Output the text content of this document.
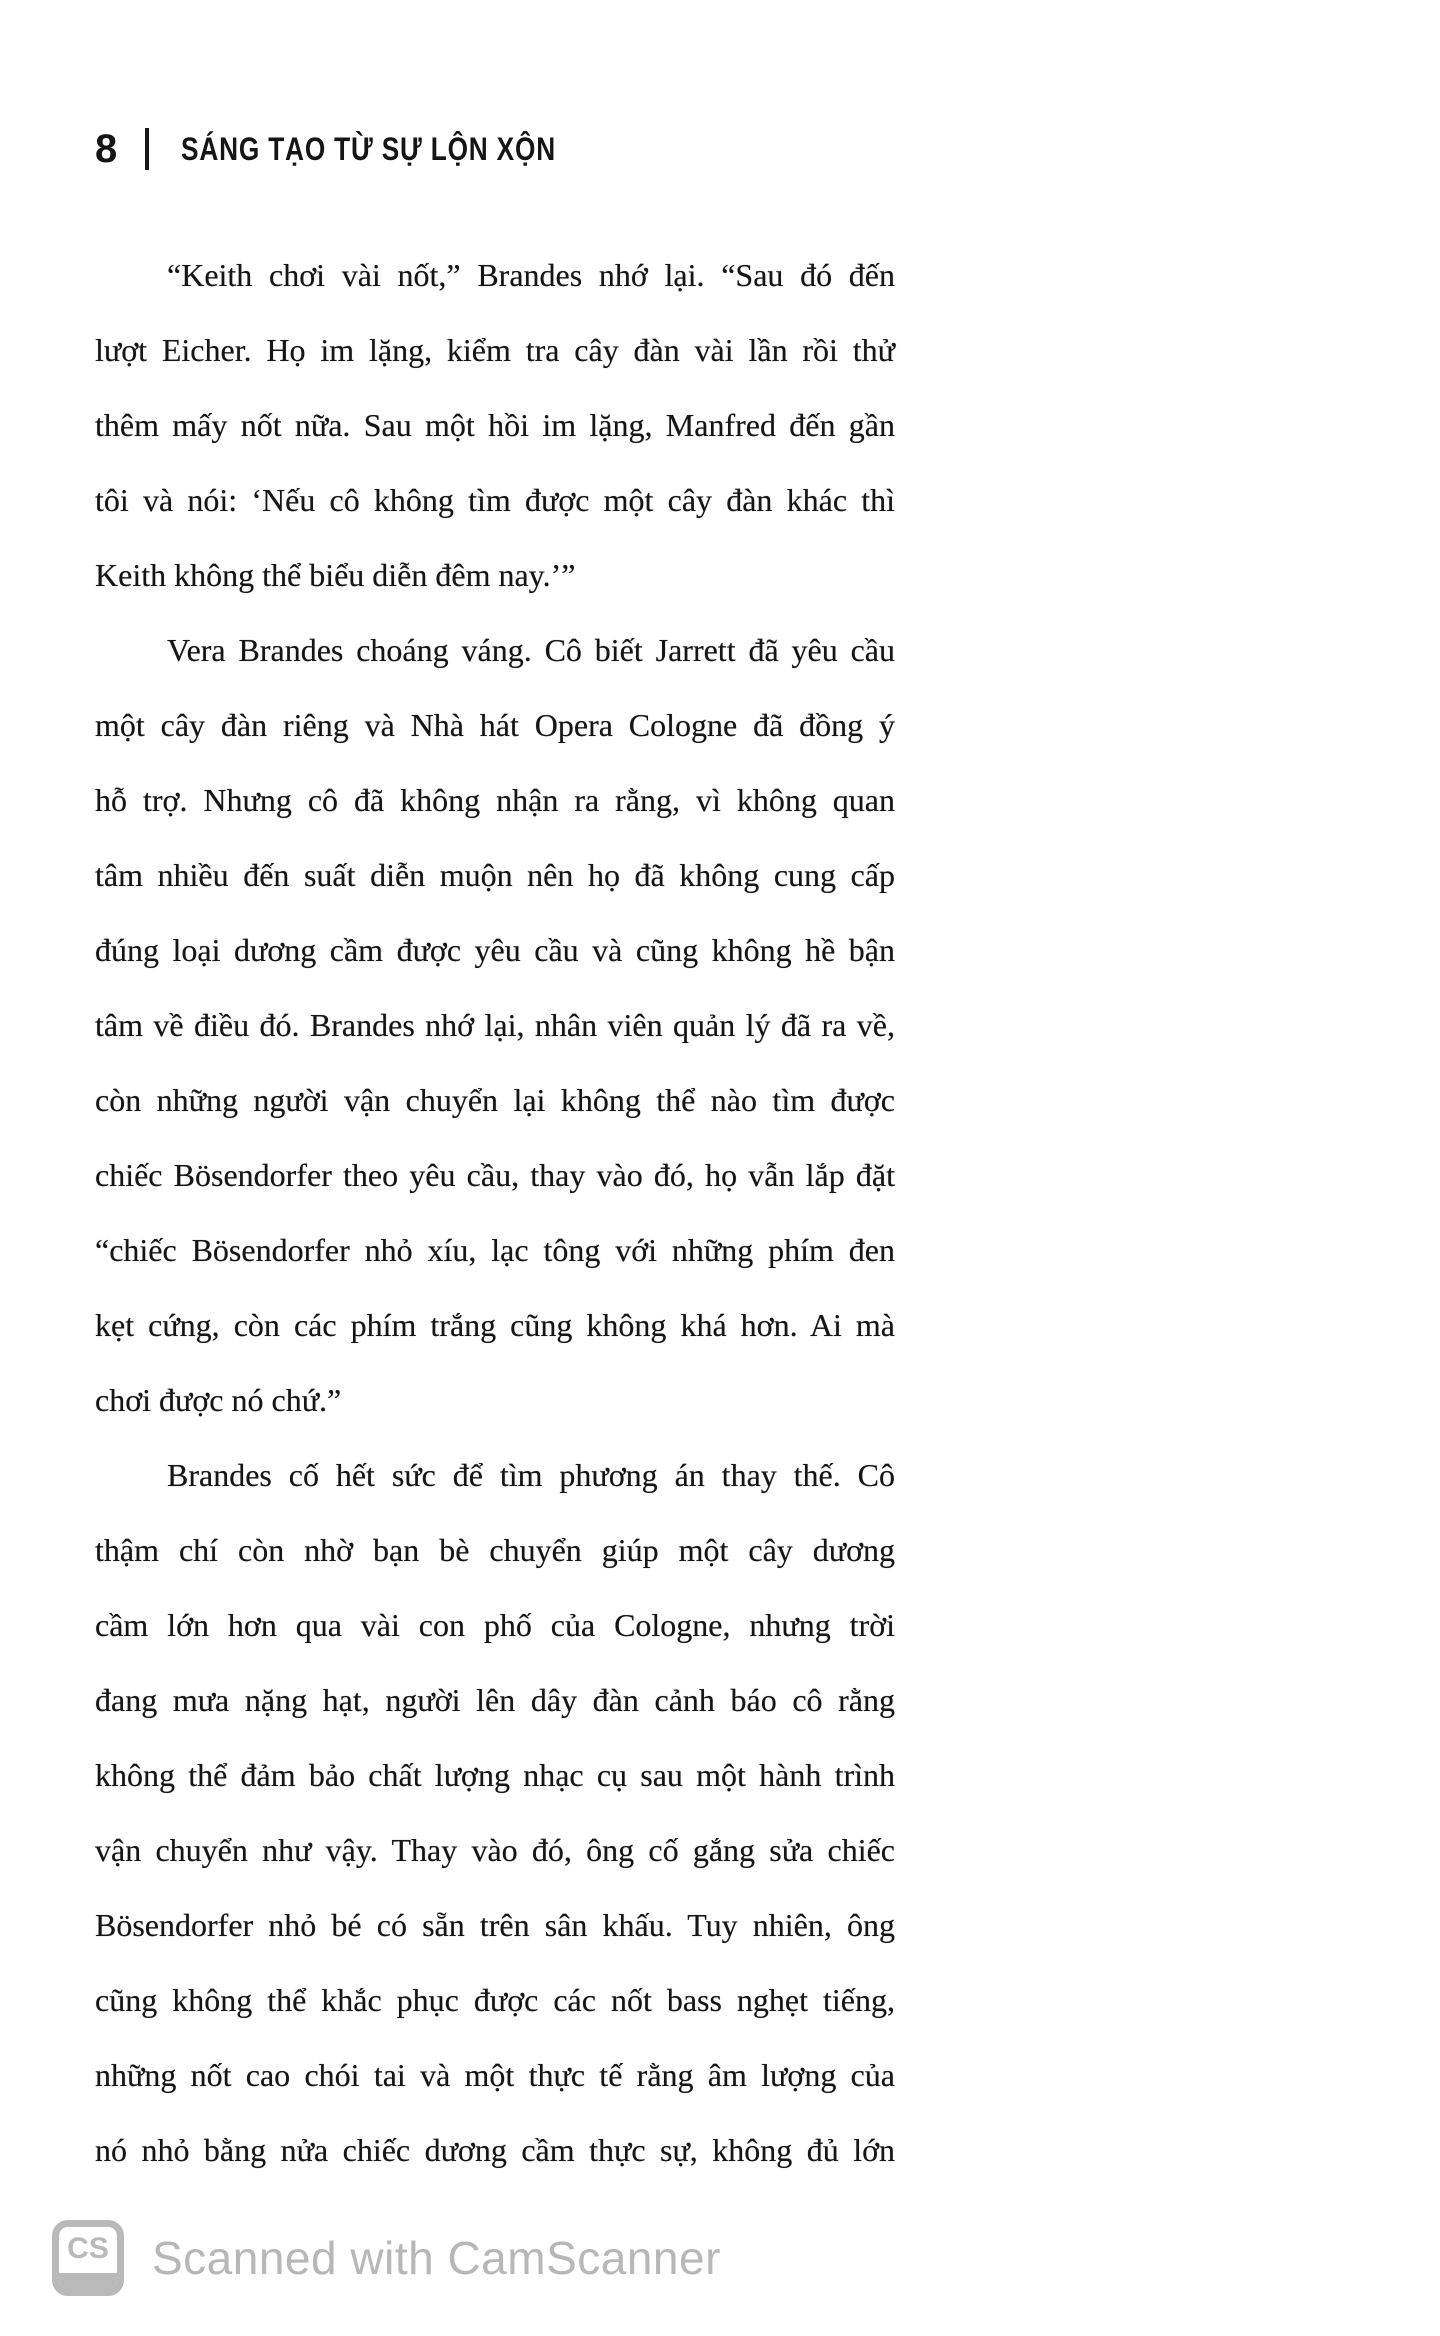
8 SÁNG TẠO TỪ SỰ LỘN XỘN
“Keith chơi vài nốt,” Brandes nhớ lại. “Sau đó đến
lượt Eicher. Họ im lặng, kiểm tra cây đàn vài lần rồi thử
thêm mấy nốt nữa. Sau một hồi im lặng, Manfred đến gần
tôi và nói: ‘Nếu cô không tìm được một cây đàn khác thì
Keith không thể biểu diễn đêm nay.’”
Vera Brandes choáng váng. Cô biết Jarrett đã yêu cầu
một cây đàn riêng và Nhà hát Opera Cologne đã đồng ý
hỗ trợ. Nhưng cô đã không nhận ra rằng, vì không quan
tâm nhiều đến suất diễn muộn nên họ đã không cung cấp
đúng loại dương cầm được yêu cầu và cũng không hề bận
tâm về điều đó. Brandes nhớ lại, nhân viên quản lý đã ra về,
còn những người vận chuyển lại không thể nào tìm được
chiếc Bösendorfer theo yêu cầu, thay vào đó, họ vẫn lắp đặt
“chiếc Bösendorfer nhỏ xíu, lạc tông với những phím đen
kẹt cứng, còn các phím trắng cũng không khá hơn. Ai mà
chơi được nó chứ.”
Brandes cố hết sức để tìm phương án thay thế. Cô
thậm chí còn nhờ bạn bè chuyển giúp một cây dương
cầm lớn hơn qua vài con phố của Cologne, nhưng trời
đang mưa nặng hạt, người lên dây đàn cảnh báo cô rằng
không thể đảm bảo chất lượng nhạc cụ sau một hành trình
vận chuyển như vậy. Thay vào đó, ông cố gắng sửa chiếc
Bösendorfer nhỏ bé có sẵn trên sân khấu. Tuy nhiên, ông
cũng không thể khắc phục được các nốt bass nghẹt tiếng,
những nốt cao chói tai và một thực tế rằng âm lượng của
nó nhỏ bằng nửa chiếc dương cầm thực sự, không đủ lớn
CS Scanned with CamScanner
